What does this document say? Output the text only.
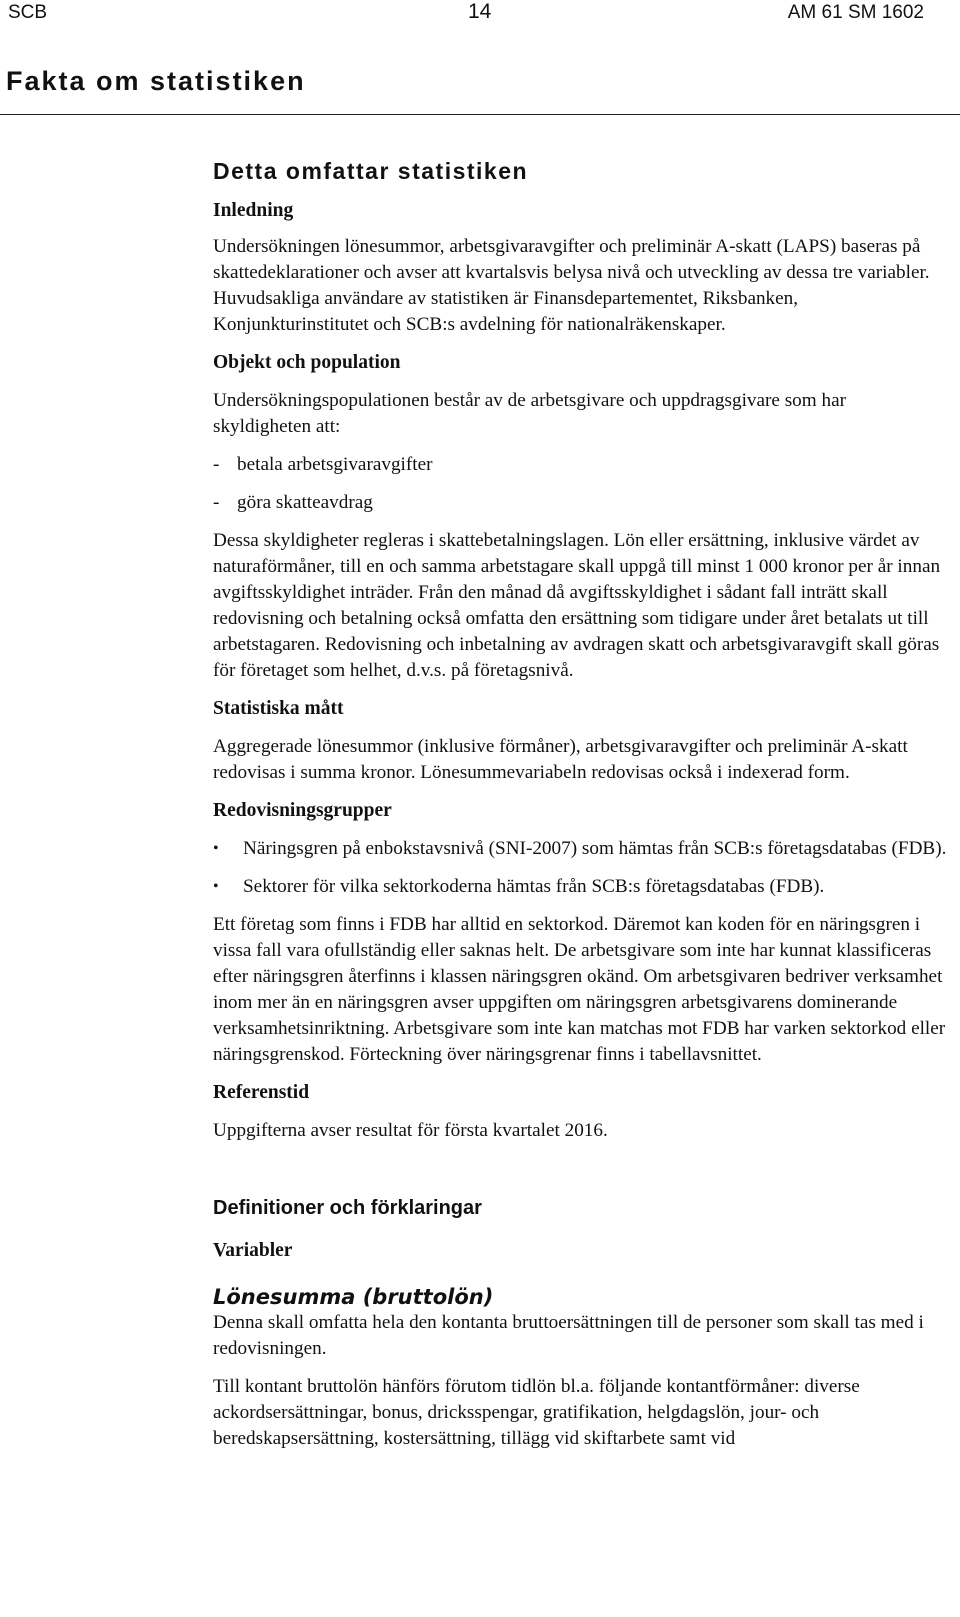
SCB	14	AM 61 SM 1602
Fakta om statistiken
Detta omfattar statistiken
Inledning

Undersökningen lönesummor, arbetsgivaravgifter och preliminär A-skatt (LAPS) baseras på skattedeklarationer och avser att kvartalsvis belysa nivå och utveckling av dessa tre variabler. Huvudsakliga användare av statistiken är Finansdepartementet, Riksbanken, Konjunkturinstitutet och SCB:s avdelning för nationalräkenskaper.

Objekt och population

Undersökningspopulationen består av de arbetsgivare och uppdragsgivare som har skyldigheten att:

- betala arbetsgivaravgifter
- göra skatteavdrag

Dessa skyldigheter regleras i skattebetalningslagen. Lön eller ersättning, inklusive värdet av naturaförmåner, till en och samma arbetstagare skall uppgå till minst 1 000 kronor per år innan avgiftsskyldighet inträder. Från den månad då avgiftsskyldighet i sådant fall inträtt skall redovisning och betalning också omfatta den ersättning som tidigare under året betalats ut till arbetstagaren. Redovisning och inbetalning av avdragen skatt och arbetsgivaravgift skall göras för företaget som helhet, d.v.s. på företagsnivå.

Statistiska mått

Aggregerade lönesummor (inklusive förmåner), arbetsgivaravgifter och preliminär A-skatt redovisas i summa kronor. Lönesummevariabeln redovisas också i indexerad form.

Redovisningsgrupper
•	Näringsgren på enbokstavsnivå (SNI-2007) som hämtas från SCB:s företagsdatabas (FDB).
•	Sektorer för vilka sektorkoderna hämtas från SCB:s företagsdatabas (FDB).

Ett företag som finns i FDB har alltid en sektorkod. Däremot kan koden för en näringsgren i vissa fall vara ofullständig eller saknas helt. De arbetsgivare som inte har kunnat klassificeras efter näringsgren återfinns i klassen näringsgren okänd. Om arbetsgivaren bedriver verksamhet inom mer än en näringsgren avser uppgiften om näringsgren arbetsgivarens dominerande verksamhetsinriktning. Arbetsgivare som inte kan matchas mot FDB har varken sektorkod eller näringsgrenskod. Förteckning över näringsgrenar finns i tabellavsnittet.

Referenstid

Uppgifterna avser resultat för första kvartalet 2016.

Definitioner och förklaringar
Variabler
Lönesumma (bruttolön)

Denna skall omfatta hela den kontanta bruttoersättningen till de personer som skall tas med i redovisningen.

Till kontant bruttolön hänförs förutom tidlön bl.a. följande kontantförmåner: diverse ackordsersättningar, bonus, dricksspengar, gratifikation, helgdagslön, jour- och beredskapsersättning, kostersättning, tillägg vid skiftarbete samt vid
